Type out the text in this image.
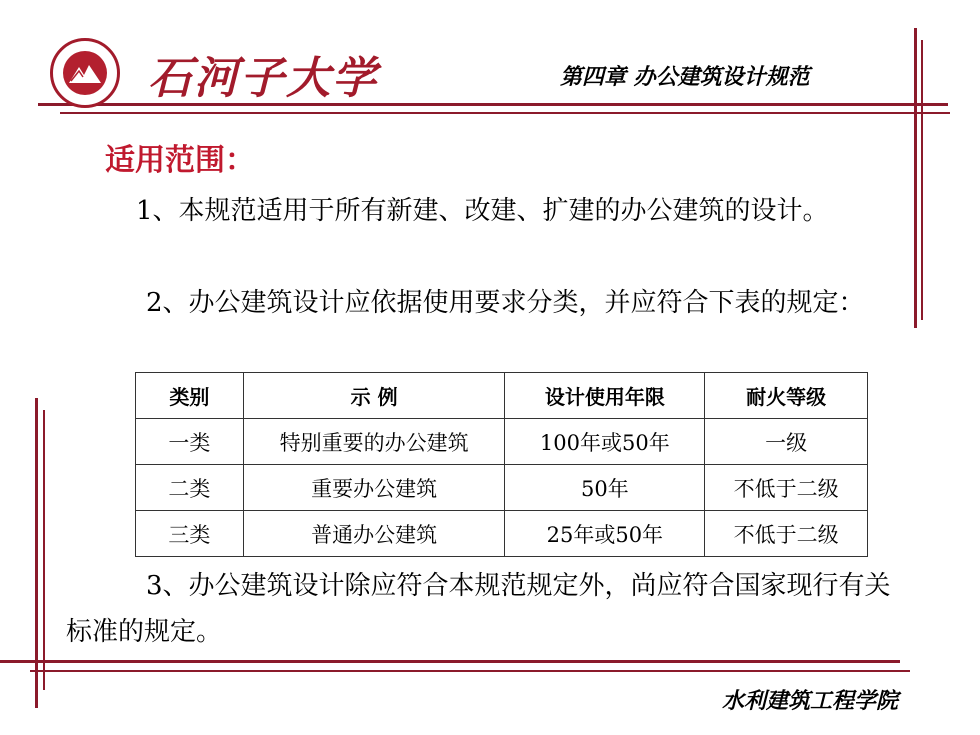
石河子大学	第四章 办公建筑设计规范
适用范围：
1、本规范适用于所有新建、改建、扩建的办公建筑的设计。
2、办公建筑设计应依据使用要求分类，并应符合下表的规定：
类别	示 例	设计使用年限	耐火等级
一类	特别重要的办公建筑	100年或50年	一级
二类	重要办公建筑	50年	不低于二级
三类	普通办公建筑	25年或50年	不低于二级
3、办公建筑设计除应符合本规范规定外，尚应符合国家现行有关标准的规定。
水利建筑工程学院
